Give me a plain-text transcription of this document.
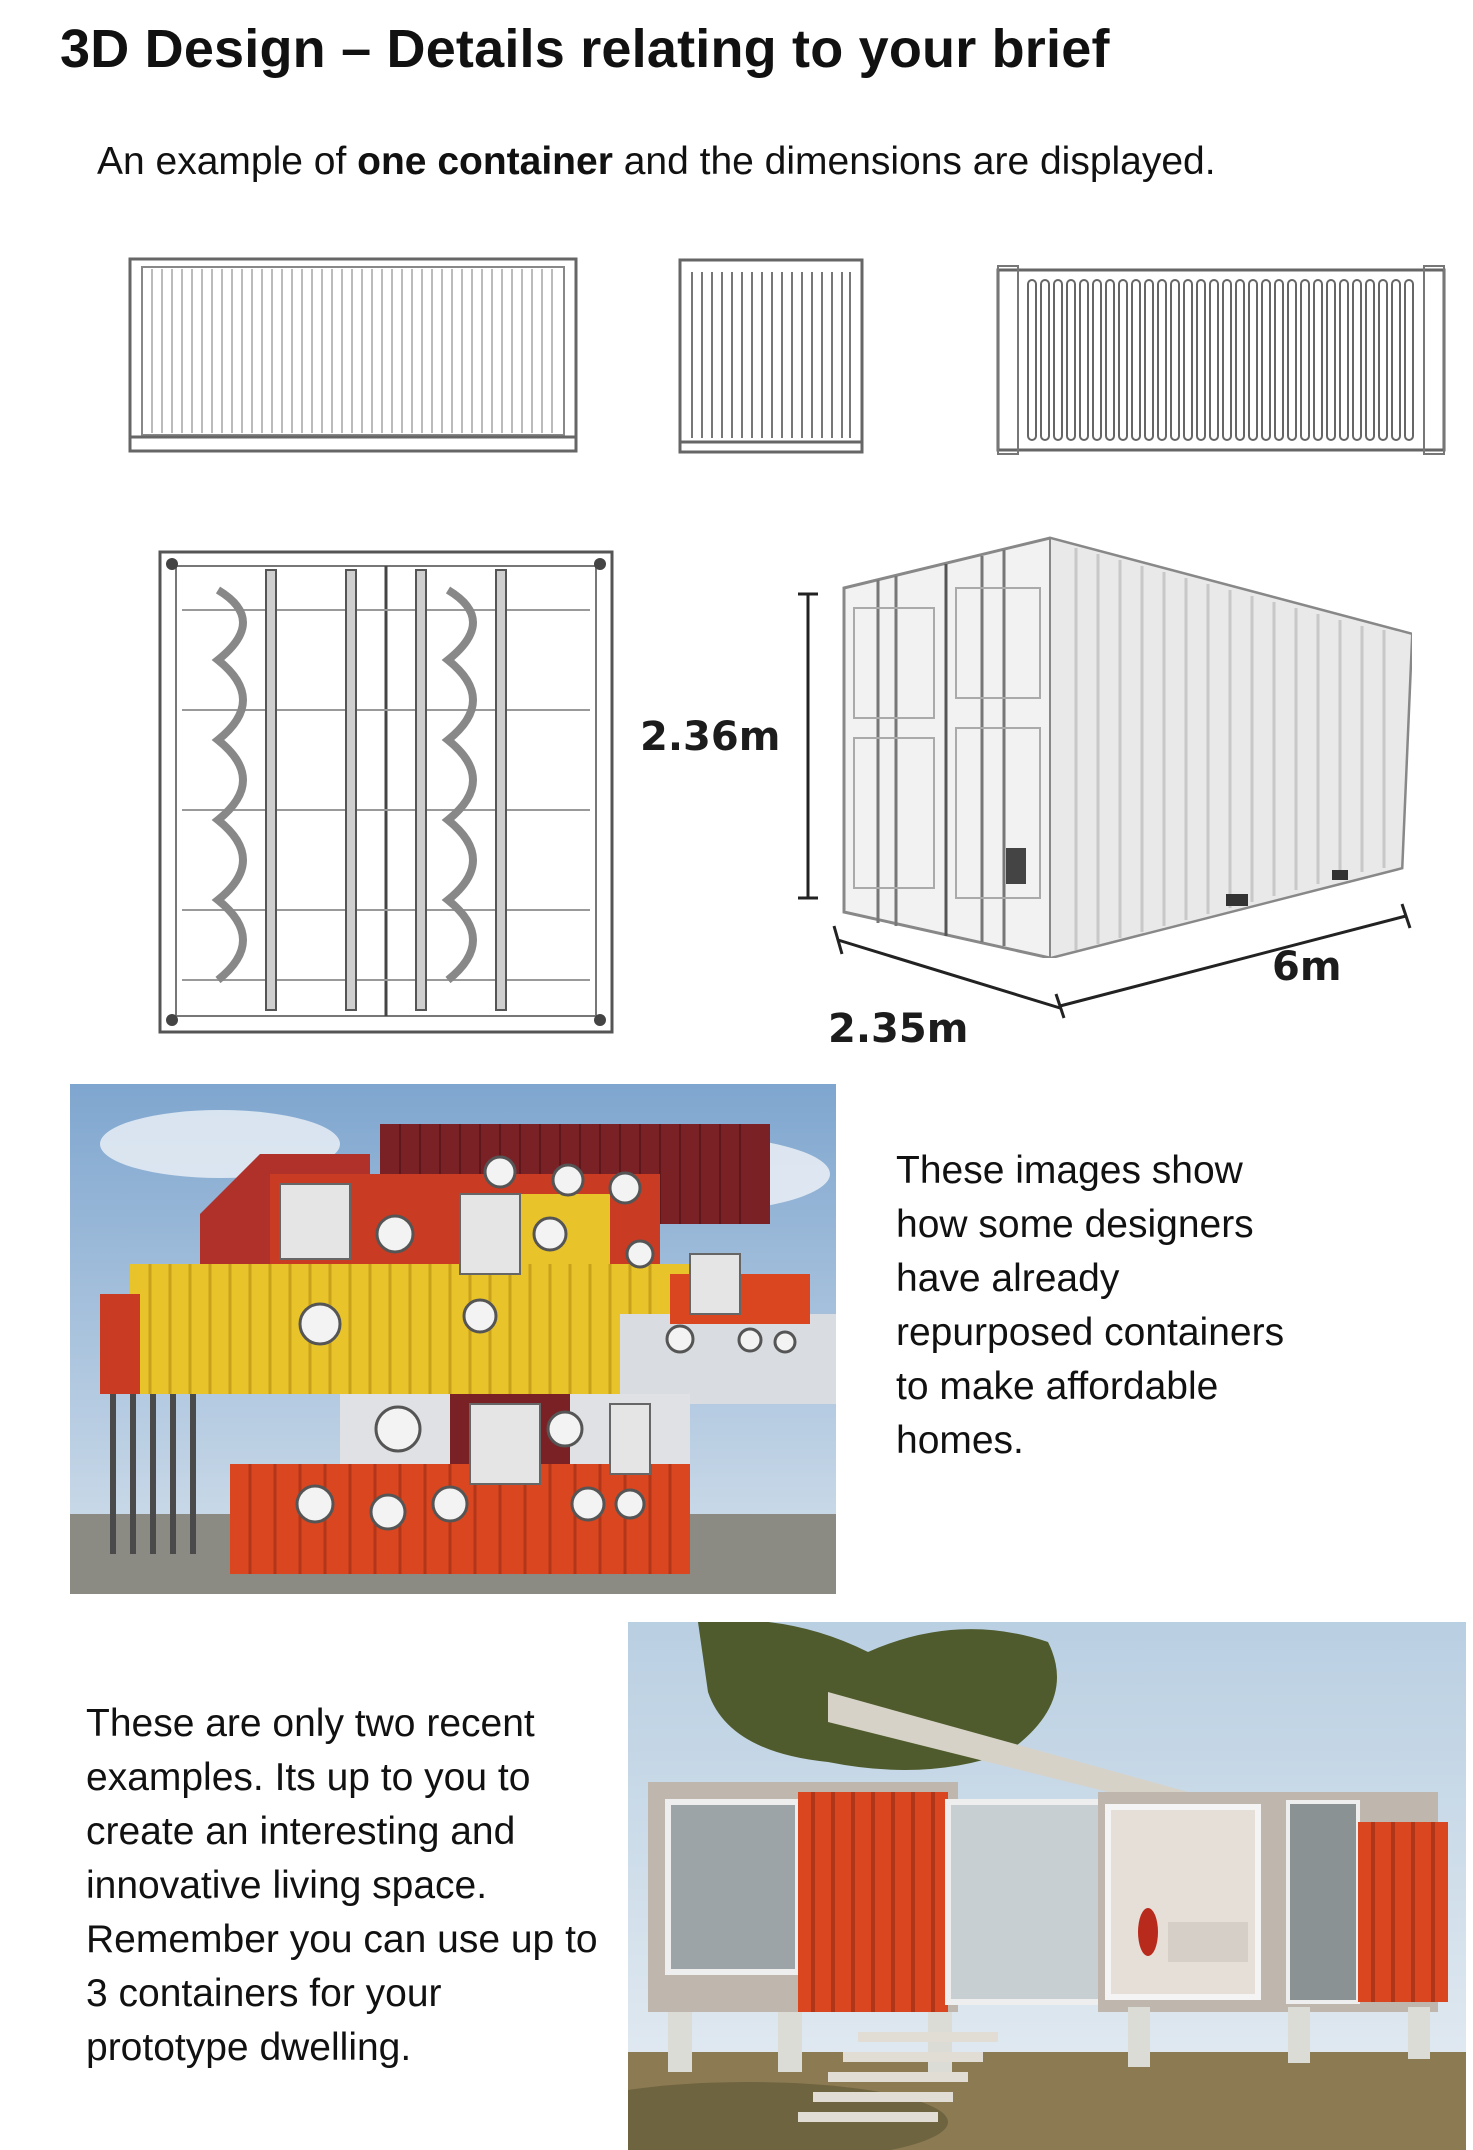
3D Design – Details relating to your brief

An example of one container and the dimensions are displayed.

2.36m
2.35m
6m

These images show how some designers have already repurposed containers to make affordable homes.

These are only two recent examples. Its up to you to create an interesting and innovative living space. Remember you can use up to 3 containers for your prototype dwelling.
